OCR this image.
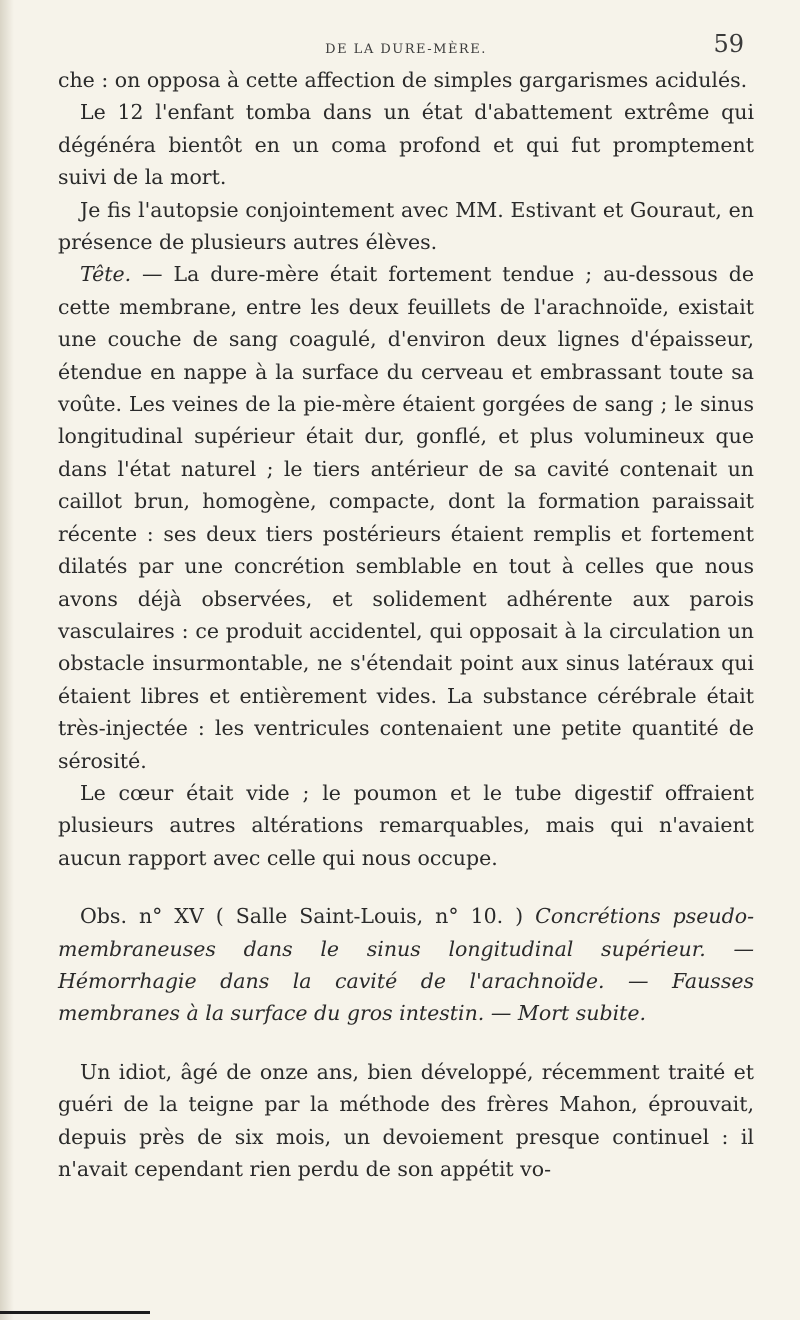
DE LA DURE-MÈRE.	59

che : on opposa à cette affection de simples gargarismes acidulés.

Le 12 l'enfant tomba dans un état d'abattement extrême qui dégénéra bientôt en un coma profond et qui fut promptement suivi de la mort.

Je fis l'autopsie conjointement avec MM. Estivant et Gouraut, en présence de plusieurs autres élèves.

Tête. — La dure-mère était fortement tendue ; au-dessous de cette membrane, entre les deux feuillets de l'arachnoïde, existait une couche de sang coagulé, d'environ deux lignes d'épaisseur, étendue en nappe à la surface du cerveau et embrassant toute sa voûte. Les veines de la pie-mère étaient gorgées de sang ; le sinus longitudinal supérieur était dur, gonflé, et plus volumineux que dans l'état naturel ; le tiers antérieur de sa cavité contenait un caillot brun, homogène, compacte, dont la formation paraissait récente : ses deux tiers postérieurs étaient remplis et fortement dilatés par une concrétion semblable en tout à celles que nous avons déjà observées, et solidement adhérente aux parois vasculaires : ce produit accidentel, qui opposait à la circulation un obstacle insurmontable, ne s'étendait point aux sinus latéraux qui étaient libres et entièrement vides. La substance cérébrale était très-injectée : les ventricules contenaient une petite quantité de sérosité.

Le cœur était vide ; le poumon et le tube digestif offraient plusieurs autres altérations remarquables, mais qui n'avaient aucun rapport avec celle qui nous occupe.

Obs. n° XV ( Salle Saint-Louis, n° 10. ) Concrétions pseudo-membraneuses dans le sinus longitudinal supérieur. — Hémorrhagie dans la cavité de l'arachnoïde. — Fausses membranes à la surface du gros intestin. — Mort subite.

Un idiot, âgé de onze ans, bien développé, récemment traité et guéri de la teigne par la méthode des frères Mahon, éprouvait, depuis près de six mois, un devoiement presque continuel : il n'avait cependant rien perdu de son appétit vo-
